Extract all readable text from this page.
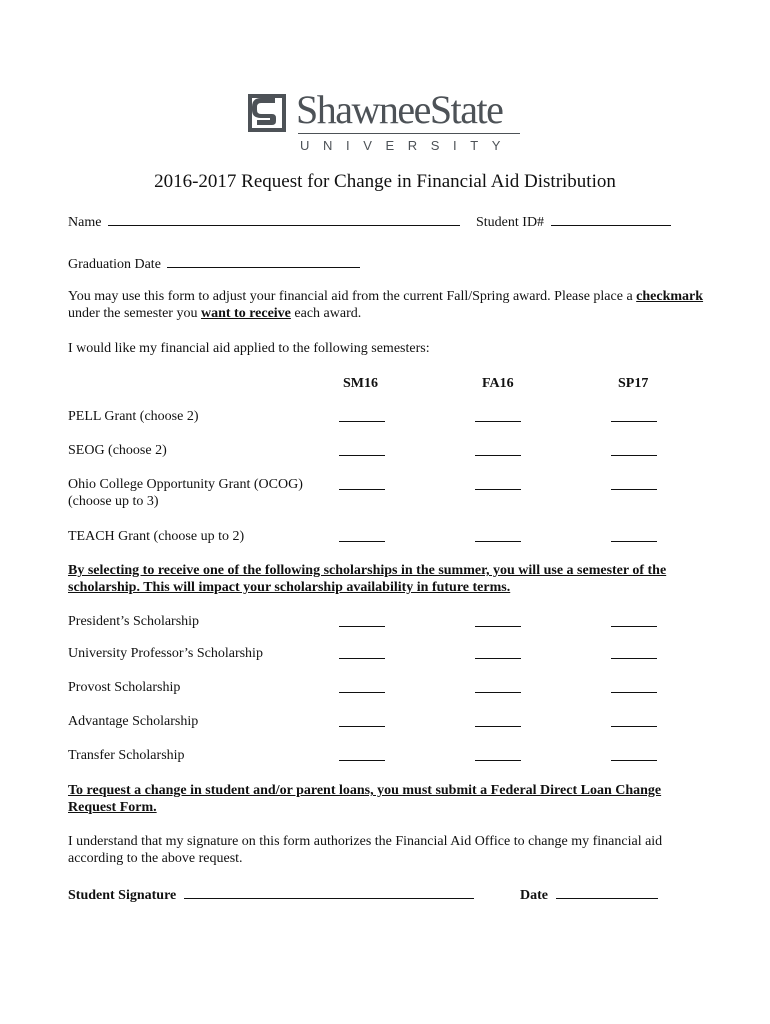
ShawneeState
UNIVERSITY
2016-2017 Request for Change in Financial Aid Distribution
Name	Student ID#
Graduation Date
You may use this form to adjust your financial aid from the current Fall/Spring award. Please place a checkmark under the semester you want to receive each award.
I would like my financial aid applied to the following semesters:
SM16	FA16	SP17
PELL Grant (choose 2)
SEOG (choose 2)
Ohio College Opportunity Grant (OCOG)
(choose up to 3)
TEACH Grant (choose up to 2)
By selecting to receive one of the following scholarships in the summer, you will use a semester of the scholarship. This will impact your scholarship availability in future terms.
President’s Scholarship
University Professor’s Scholarship
Provost Scholarship
Advantage Scholarship
Transfer Scholarship
To request a change in student and/or parent loans, you must submit a Federal Direct Loan Change Request Form.
I understand that my signature on this form authorizes the Financial Aid Office to change my financial aid according to the above request.
Student Signature	Date
